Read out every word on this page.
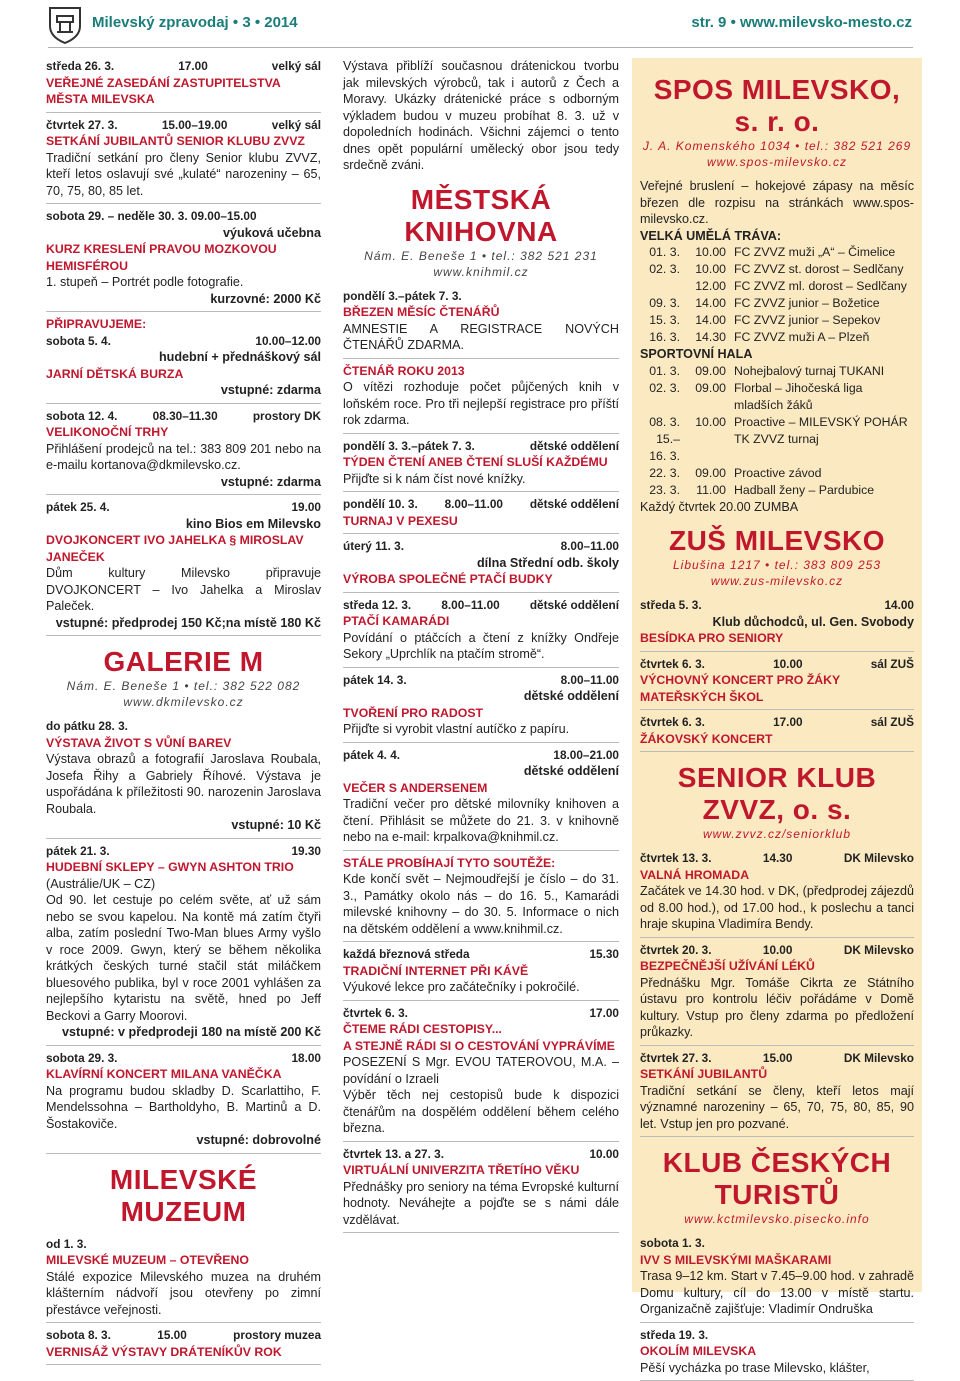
Milevský zpravodaj • 3 • 2014	str. 9 • www.milevsko-mesto.cz
středa 26. 3.	17.00	velký sál
VEŘEJNÉ ZASEDÁNÍ ZASTUPITELSTVA MĚSTA MILEVSKA
čtvrtek 27. 3.	15.00–19.00	velký sál
SETKÁNÍ JUBILANTŮ SENIOR KLUBU ZVVZ
Tradiční setkání pro členy Senior klubu ZVVZ, kteří letos oslavují své „kulaté“ narozeniny – 65, 70, 75, 80, 85 let.
sobota 29. – neděle 30. 3. 09.00–15.00
výuková učebna
KURZ KRESLENÍ PRAVOU MOZKOVOU HEMISFÉROU
1. stupeň – Portrét podle fotografie.
kurzovné: 2000 Kč
PŘIPRAVUJEME:
sobota 5. 4.	10.00–12.00
hudební + přednáškový sál
JARNÍ DĚTSKÁ BURZA
vstupné: zdarma
sobota 12. 4.	08.30–11.30	prostory DK
VELIKONOČNÍ TRHY
Přihlášení prodejců na tel.: 383 809 201 nebo na e-mailu kortanova@dkmilevsko.cz.
vstupné: zdarma
pátek 25. 4.	19.00
kino Bios em Milevsko
DVOJKONCERT IVO JAHELKA § MIROSLAV JANEČEK
Dům kultury Milevsko připravuje DVOJKONCERT – Ivo Jahelka a Miroslav Paleček.
vstupné: předprodej 150 Kč;na místě 180 Kč
GALERIE M
Nám. E. Beneše 1 • tel.: 382 522 082
www.dkmilevsko.cz
do pátku 28. 3.
VÝSTAVA ŽIVOT S VŮNÍ BAREV
Výstava obrazů a fotografií Jaroslava Roubala, Josefa Řihy a Gabriely Říhové. Výstava je uspořádána k příležitosti 90. narozenin Jaroslava Roubala.
vstupné: 10 Kč
pátek 21. 3.	19.30
HUDEBNÍ SKLEPY – GWYN ASHTON TRIO
(Austrálie/UK – CZ)
Od 90. let cestuje po celém světe, ať už sám nebo se svou kapelou. Na kontě má zatím čtyři alba, zatím poslední Two-Man blues Army vyšlo v roce 2009. Gwyn, který se během několika krátkých českých turné stačil stát miláčkem bluesového publika, byl v roce 2001 vyhlášen za nejlepšího kytaristu na světě, hned po Jeff Beckovi a Garry Moorovi.
vstupné: v předprodeji 180 na místě 200 Kč
sobota 29. 3.	18.00
KLAVÍRNÍ KONCERT MILANA VANĚČKA
Na programu budou skladby D. Scarlattiho, F. Mendelssohna – Bartholdyho, B. Martinů a D. Šostakoviče.
vstupné: dobrovolné
MILEVSKÉ MUZEUM
od 1. 3.
MILEVSKÉ MUZEUM – OTEVŘENO
Stálé expozice Milevského muzea na druhém klášterním nádvoří jsou otevřeny po zimní přestávce veřejnosti.
sobota 8. 3.	15.00	prostory muzea
VERNISÁŽ VÝSTAVY DRÁTENÍKŮV ROK
Výstava přiblíží současnou drátenickou tvorbu jak milevských výrobců, tak i autorů z Čech a Moravy. Ukázky drátenické práce s odborným výkladem budou v muzeu probíhat 8. 3. už v dopoledních hodinách. Všichni zájemci o tento dnes opět populární umělecký obor jsou tedy srdečně zváni.
MĚSTSKÁ KNIHOVNA
Nám. E. Beneše 1 • tel.: 382 521 231
www.knihmil.cz
pondělí 3.–pátek 7. 3.
BŘEZEN MĚSÍC ČTENÁŘŮ
AMNESTIE A REGISTRACE NOVÝCH ČTENÁŘŮ ZDARMA.
ČTENÁŘ ROKU 2013
O vítězi rozhoduje počet půjčených knih v loňském roce. Pro tři nejlepší registrace pro příští rok zdarma.
pondělí 3. 3.–pátek 7. 3.	dětské oddělení
TÝDEN ČTENÍ ANEB ČTENÍ SLUŠÍ KAŽDÉMU
Přijďte si k nám číst nové knížky.
pondělí 10. 3. 8.00–11.00 dětské oddělení
TURNAJ V PEXESU
úterý 11. 3.	8.00–11.00
dílna Střední odb. školy
VÝROBA SPOLEČNÉ PTAČÍ BUDKY
středa 12. 3.	8.00–11.00	dětské oddělení
PTAČÍ KAMARÁDI
Povídání o ptáčcích a čtení z knížky Ondřeje Sekory „Uprchlík na ptačím stromě“.
pátek 14. 3.	8.00–11.00
dětské oddělení
TVOŘENÍ PRO RADOST
Přijďte si vyrobit vlastní autíčko z papíru.
pátek 4. 4.	18.00–21.00
dětské oddělení
VEČER S ANDERSENEM
Tradiční večer pro dětské milovníky knihoven a čtení. Přihlásit se můžete do 21. 3. v knihovně nebo na e-mail: krpalkova@knihmil.cz.
STÁLE PROBÍHAJÍ TYTO SOUTĚŽE:
Kde končí svět – Nejmoudřejší je číslo – do 31. 3., Památky okolo nás – do 16. 5., Kamarádi milevské knihovny – do 30. 5. Informace o nich na dětském oddělení a www.knihmil.cz.
každá březnová středa	15.30
TRADIČNÍ INTERNET PŘI KÁVĚ
Výukové lekce pro začátečníky i pokročilé.
čtvrtek 6. 3.	17.00
ČTEME RÁDI CESTOPISY...
A STEJNĚ RÁDI SI O CESTOVÁNÍ VYPRÁVÍME
POSEZENÍ S Mgr. EVOU TATEROVOU, M.A. – povídání o Izraeli
Výběr těch nej cestopisů bude k dispozici čtenářům na dospělém oddělení během celého března.
čtvrtek 13. a 27. 3.	10.00
VIRTUÁLNÍ UNIVERZITA TŘETÍHO VĚKU
Přednášky pro seniory na téma Evropské kulturní hodnoty. Neváhejte a pojďte se s námi dále vzdělávat.
SPOS MILEVSKO, s. r. o.
J. A. Komenského 1034 • tel.: 382 521 269
www.spos-milevsko.cz
Veřejné bruslení – hokejové zápasy na měsíc březen dle rozpisu na stránkách www.spos-milevsko.cz.
VELKÁ UMĚLÁ TRÁVA:
01. 3.	10.00 FC ZVVZ muži „A“ – Čimelice
02. 3.	10.00 FC ZVVZ st. dorost – Sedlčany
12.00 FC ZVVZ ml. dorost – Sedlčany
09. 3.	14.00 FC ZVVZ junior – Božetice
15. 3.	14.00 FC ZVVZ junior – Sepekov
16. 3.	14.30 FC ZVVZ muži A – Plzeň
SPORTOVNÍ HALA
01. 3.	09.00 Nohejbalový turnaj TUKANI
02. 3.	09.00 Florbal – Jihočeská liga mladších žáků
08. 3.	10.00 Proactive – MILEVSKÝ POHÁR
15.–16. 3.
TK ZVVZ turnaj
22. 3.	09.00 Proactive závod
23. 3.	11.00 Hadball ženy – Pardubice
Každý čtvrtek 20.00 ZUMBA
ZUŠ MILEVSKO
Libušina 1217 • tel.: 383 809 253
www.zus-milevsko.cz
středa 5. 3.	14.00
Klub důchodců, ul. Gen. Svobody
BESÍDKA PRO SENIORY
čtvrtek 6. 3.	10.00	sál ZUŠ
VÝCHOVNÝ KONCERT PRO ŽÁKY MATEŘSKÝCH ŠKOL
čtvrtek 6. 3.	17.00	sál ZUŠ
ŽÁKOVSKÝ KONCERT
SENIOR KLUB ZVVZ, o. s.
www.zvvz.cz/seniorklub
čtvrtek 13. 3.	14.30	DK Milevsko
VALNÁ HROMADA
Začátek ve 14.30 hod. v DK, (předprodej zájezdů od 8.00 hod.), od 17.00 hod., k poslechu a tanci hraje skupina Vladimíra Bendy.
čtvrtek 20. 3.	10.00	DK Milevsko
BEZPEČNĚJŠÍ UŽÍVÁNÍ LÉKŮ
Přednášku Mgr. Tomáše Cikrta ze Státního ústavu pro kontrolu léčiv pořádáme v Domě kultury. Vstup pro členy zdarma po předložení průkazky.
čtvrtek 27. 3.	15.00	DK Milevsko
SETKÁNÍ JUBILANTŮ
Tradiční setkání se členy, kteří letos mají významné narozeniny – 65, 70, 75, 80, 85, 90 let. Vstup jen pro pozvané.
KLUB ČESKÝCH TURISTŮ
www.kctmilevsko.pisecko.info
sobota 1. 3.
IVV S MILEVSKÝMI MAŠKARAMI
Trasa 9–12 km. Start v 7.45–9.00 hod. v zahradě Domu kultury, cíl do 13.00 v místě startu. Organizačně zajišťuje: Vladimír Ondruška
středa 19. 3.
OKOLÍM MILEVSKA
Pěší vycházka po trase Milevsko, klášter,
